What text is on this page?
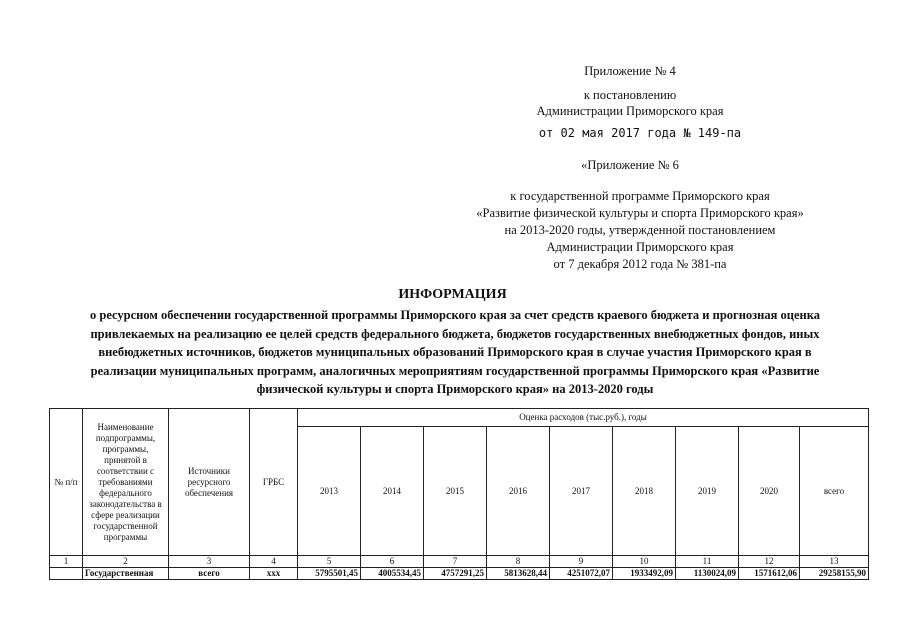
Приложение № 4
к постановлению
Администрации Приморского края
от 02 мая 2017 года № 149-па
«Приложение № 6
к государственной программе Приморского края
«Развитие физической культуры и спорта Приморского края»
на 2013-2020 годы, утвержденной постановлением
Администрации Приморского края
от 7 декабря 2012 года № 381-па
ИНФОРМАЦИЯ
о ресурсном обеспечении государственной программы Приморского края за счет средств краевого бюджета и прогнозная оценка
привлекаемых на реализацию ее целей средств федерального бюджета, бюджетов государственных внебюджетных фондов, иных
внебюджетных источников, бюджетов муниципальных образований Приморского края в случае участия Приморского края в
реализации муниципальных программ, аналогичных мероприятиям государственной программы Приморского края «Развитие
физической культуры и спорта Приморского края» на 2013-2020 годы
№ п/п	Наименование подпрограммы, программы, принятой в соответствии с требованиями федерального законодательства в сфере реализации государственной программы	Источники ресурсного обеспечения	ГРБС	Оценка расходов (тыс.руб.), годы								
				2013	2014	2015	2016	2017	2018	2019	2020	всего
1	2	3	4	5	6	7	8	9	10	11	12	13
	Государственная	всего	ххх	5795501,45	4005534,45	4757291,25	5813628,44	4251072,07	1933492,09	1130024,09	1571612,06	29258155,90
